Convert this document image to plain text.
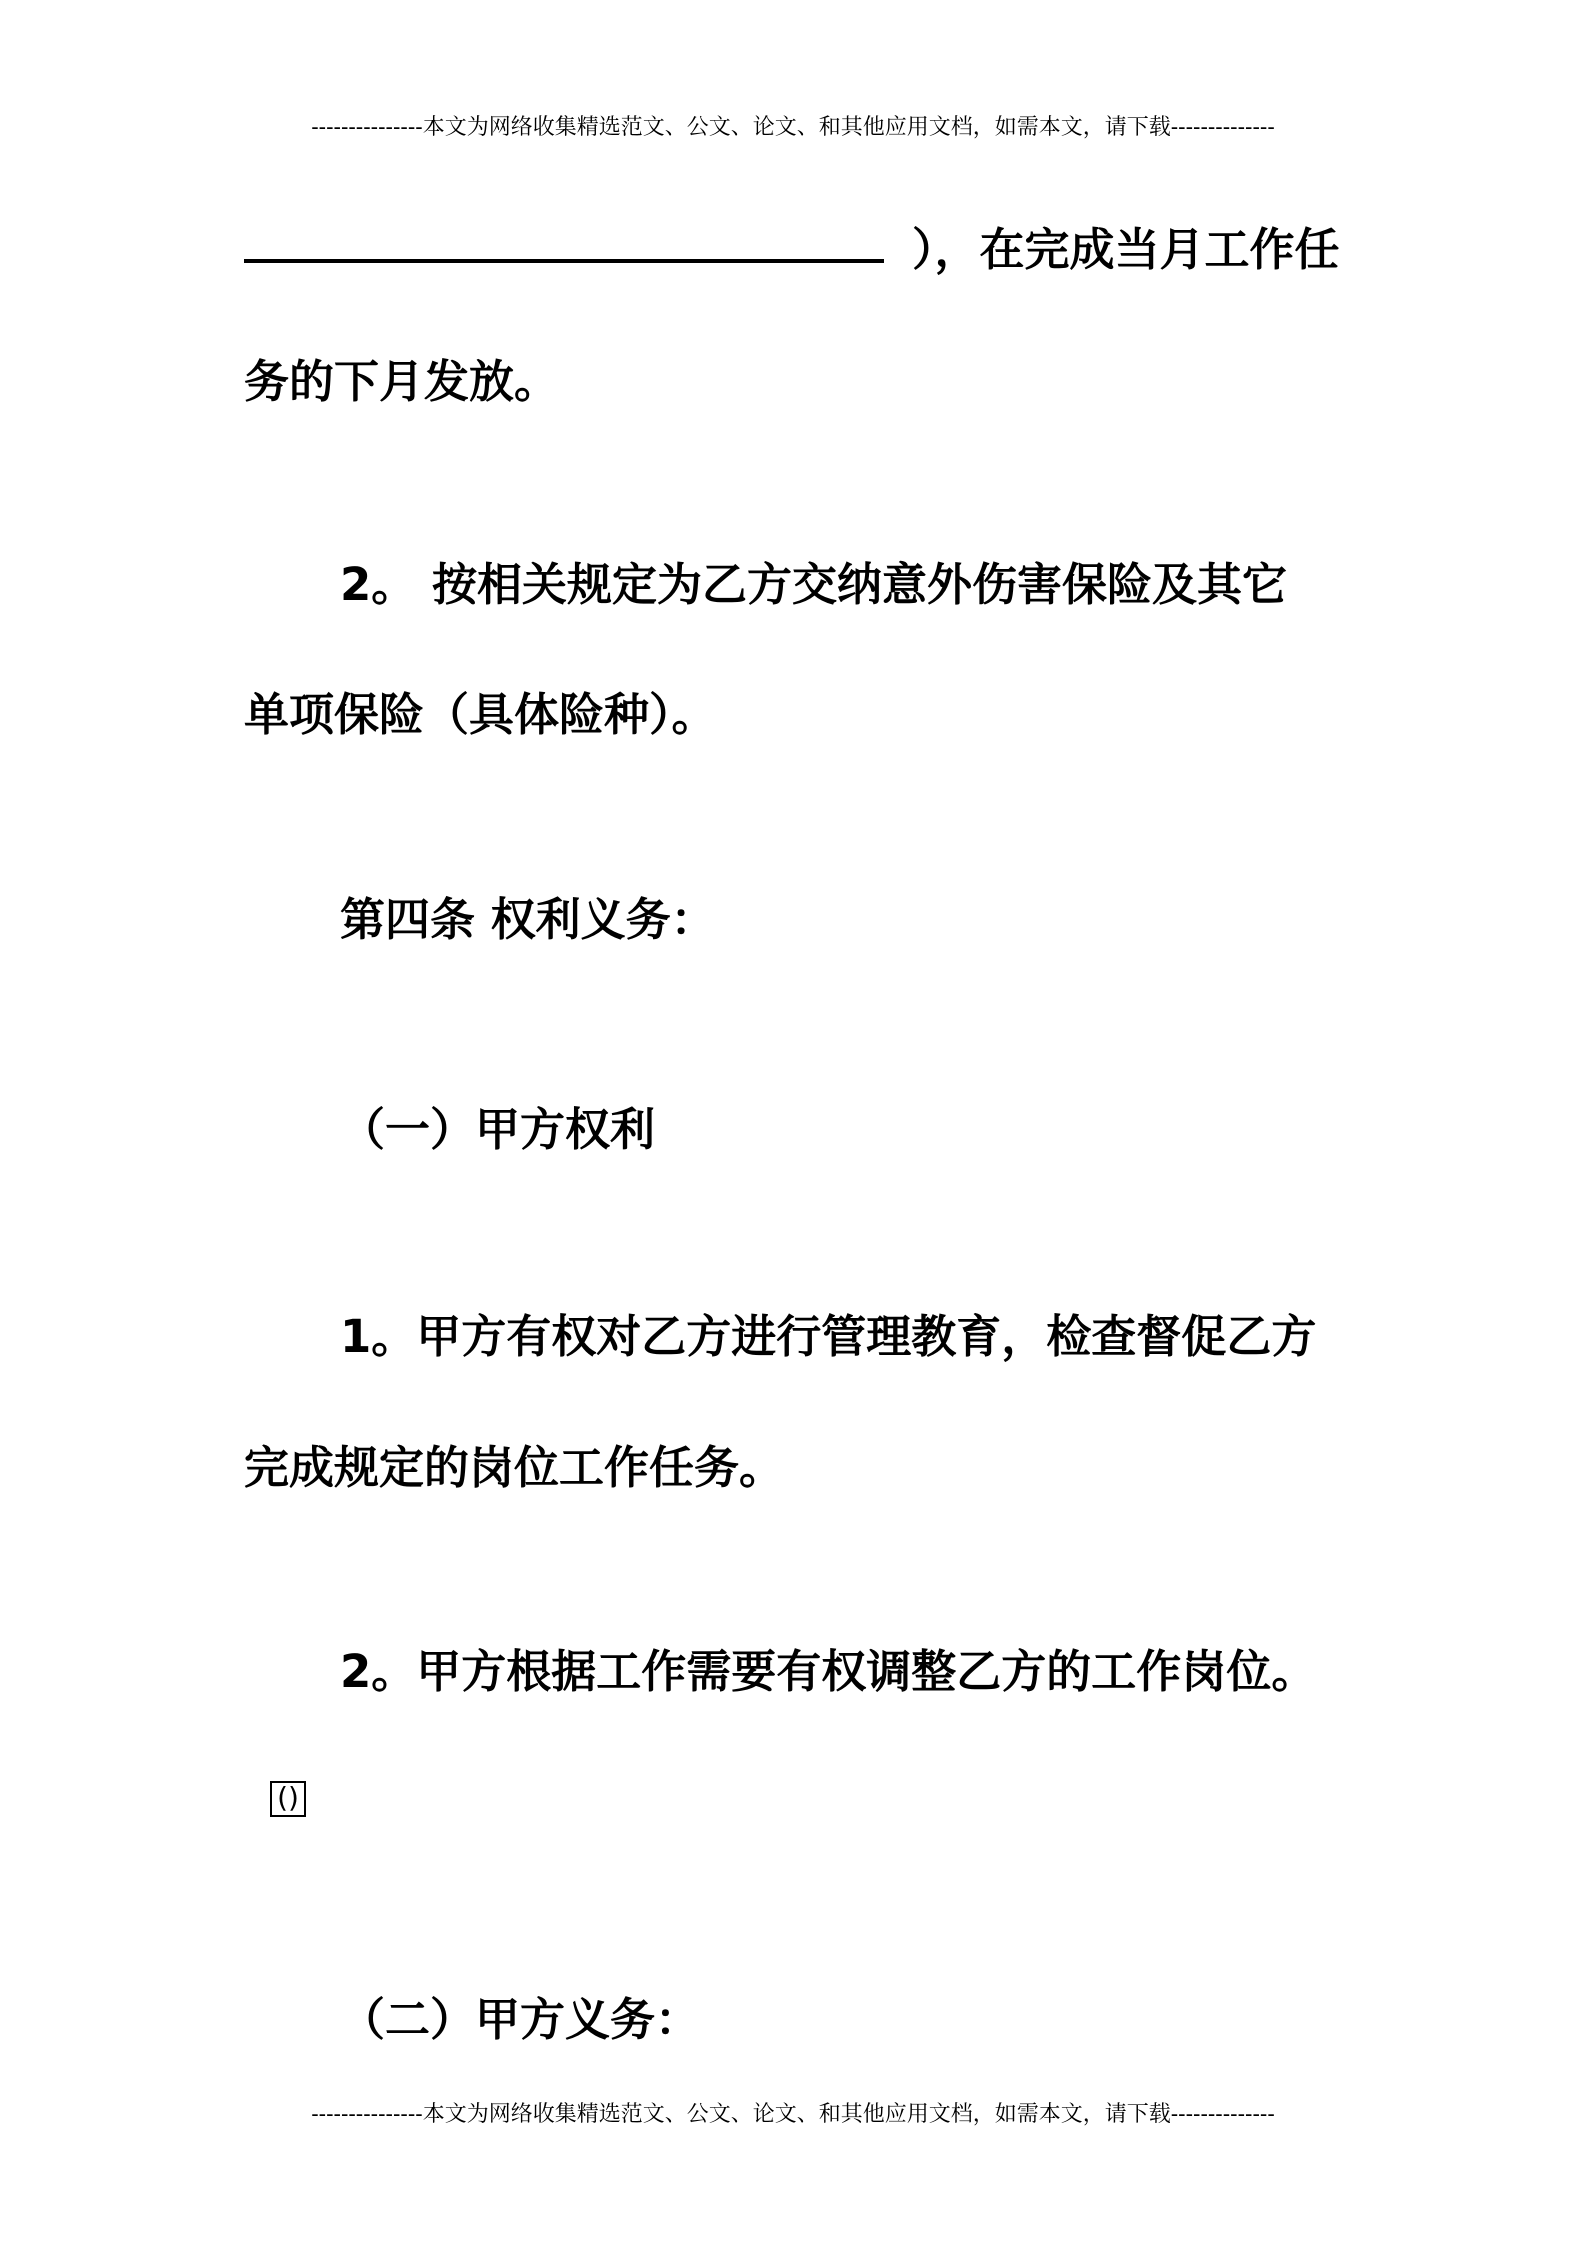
---------------本文为网络收集精选范文、公文、论文、和其他应用文档，如需本文，请下载--------------
），在完成当月工作任
务的下月发放。
2。 按相关规定为乙方交纳意外伤害保险及其它
单项保险（具体险种）。
第四条 权利义务：
（一）甲方权利
1。甲方有权对乙方进行管理教育，检查督促乙方
完成规定的岗位工作任务。
2。甲方根据工作需要有权调整乙方的工作岗位。
()
（二）甲方义务：
---------------本文为网络收集精选范文、公文、论文、和其他应用文档，如需本文，请下载--------------
